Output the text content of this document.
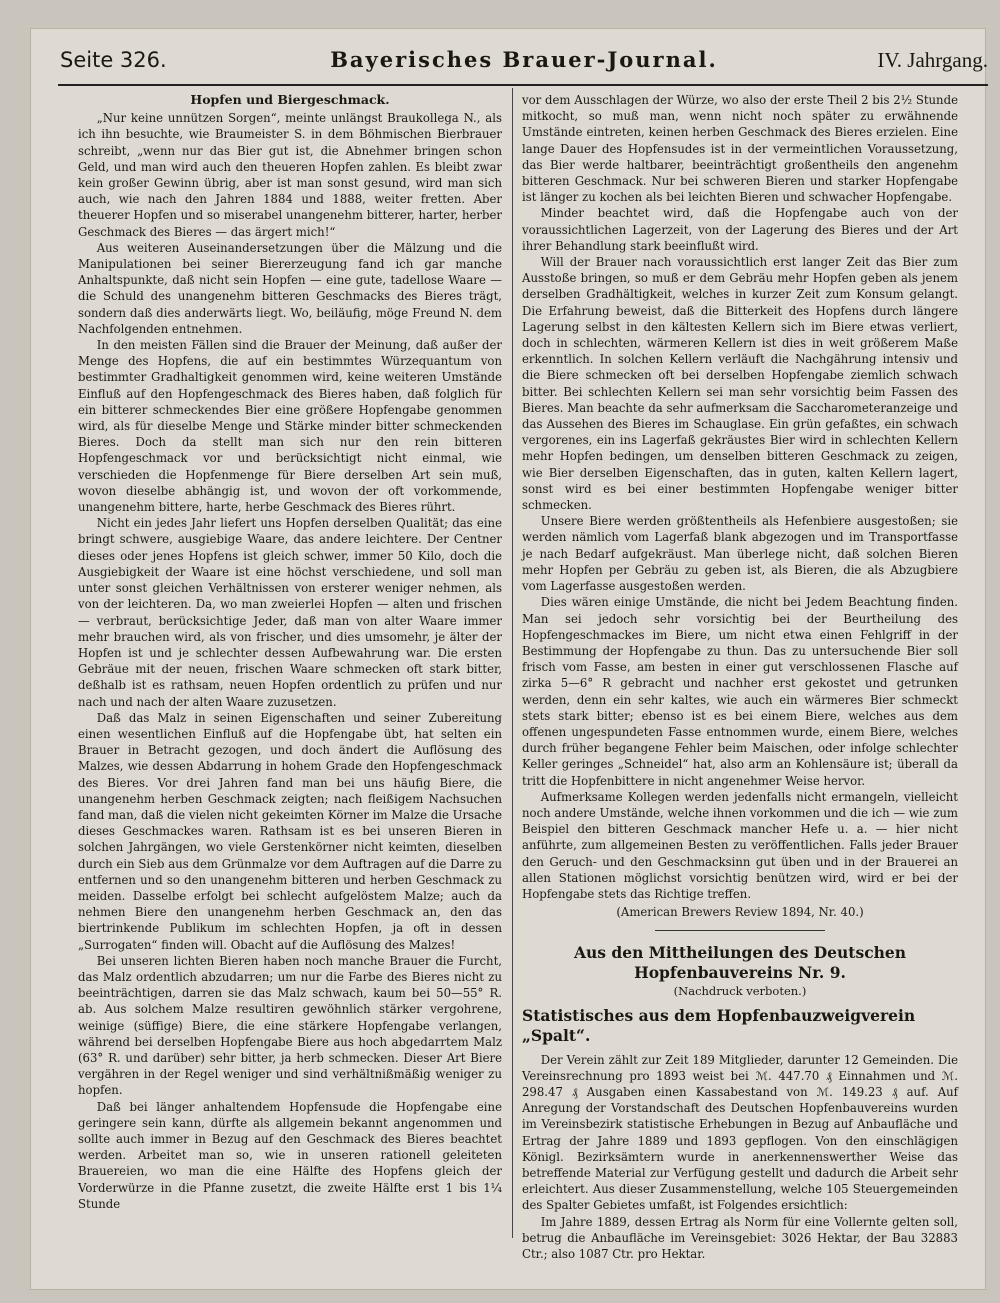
Seite 326.	Bayerisches Brauer-Journal.	IV. Jahrgang.
Hopfen und Biergeschmack.

„Nur keine unnützen Sorgen“, meinte unlängst Braukollega N., als ich ihn besuchte, wie Braumeister S. in dem Böhmischen Bierbrauer schreibt, „wenn nur das Bier gut ist, die Abnehmer bringen schon Geld, und man wird auch den theueren Hopfen zahlen. Es bleibt zwar kein großer Gewinn übrig, aber ist man sonst gesund, wird man sich auch, wie nach den Jahren 1884 und 1888, weiter fretten. Aber theuerer Hopfen und so miserabel unangenehm bitterer, harter, herber Geschmack des Bieres — das ärgert mich!“

Aus weiteren Auseinandersetzungen über die Mälzung und die Manipulationen bei seiner Biererzeugung fand ich gar manche Anhaltspunkte, daß nicht sein Hopfen — eine gute, tadellose Waare — die Schuld des unangenehm bitteren Geschmacks des Bieres trägt, sondern daß dies anderwärts liegt. Wo, beiläufig, möge Freund N. dem Nachfolgenden entnehmen.

In den meisten Fällen sind die Brauer der Meinung, daß außer der Menge des Hopfens, die auf ein bestimmtes Würzequantum von bestimmter Gradhaltigkeit genommen wird, keine weiteren Umstände Einfluß auf den Hopfengeschmack des Bieres haben, daß folglich für ein bitterer schmeckendes Bier eine größere Hopfengabe genommen wird, als für dieselbe Menge und Stärke minder bitter schmeckenden Bieres. Doch da stellt man sich nur den rein bitteren Hopfengeschmack vor und berücksichtigt nicht einmal, wie verschieden die Hopfenmenge für Biere derselben Art sein muß, wovon dieselbe abhängig ist, und wovon der oft vorkommende, unangenehm bittere, harte, herbe Geschmack des Bieres rührt.

Nicht ein jedes Jahr liefert uns Hopfen derselben Qualität; das eine bringt schwere, ausgiebige Waare, das andere leichtere. Der Centner dieses oder jenes Hopfens ist gleich schwer, immer 50 Kilo, doch die Ausgiebigkeit der Waare ist eine höchst verschiedene, und soll man unter sonst gleichen Verhältnissen von ersterer weniger nehmen, als von der leichteren. Da, wo man zweierlei Hopfen — alten und frischen — verbraut, berücksichtige Jeder, daß man von alter Waare immer mehr brauchen wird, als von frischer, und dies umsomehr, je älter der Hopfen ist und je schlechter dessen Aufbewahrung war. Die ersten Gebräue mit der neuen, frischen Waare schmecken oft stark bitter, deßhalb ist es rathsam, neuen Hopfen ordentlich zu prüfen und nur nach und nach der alten Waare zuzusetzen.

Daß das Malz in seinen Eigenschaften und seiner Zubereitung einen wesentlichen Einfluß auf die Hopfengabe übt, hat selten ein Brauer in Betracht gezogen, und doch ändert die Auflösung des Malzes, wie dessen Abdarrung in hohem Grade den Hopfengeschmack des Bieres. Vor drei Jahren fand man bei uns häufig Biere, die unangenehm herben Geschmack zeigten; nach fleißigem Nachsuchen fand man, daß die vielen nicht gekeimten Körner im Malze die Ursache dieses Geschmackes waren. Rathsam ist es bei unseren Bieren in solchen Jahrgängen, wo viele Gerstenkörner nicht keimten, dieselben durch ein Sieb aus dem Grünmalze vor dem Auftragen auf die Darre zu entfernen und so den unangenehm bitteren und herben Geschmack zu meiden. Dasselbe erfolgt bei schlecht aufgelöstem Malze; auch da nehmen Biere den unangenehm herben Geschmack an, den das biertrinkende Publikum im schlechten Hopfen, ja oft in dessen „Surrogaten“ finden will. Obacht auf die Auflösung des Malzes!

Bei unseren lichten Bieren haben noch manche Brauer die Furcht, das Malz ordentlich abzudarren; um nur die Farbe des Bieres nicht zu beeinträchtigen, darren sie das Malz schwach, kaum bei 50—55° R. ab. Aus solchem Malze resultiren gewöhnlich stärker vergohrene, weinige (süffige) Biere, die eine stärkere Hopfengabe verlangen, während bei derselben Hopfengabe Biere aus hoch abgedarrtem Malz (63° R. und darüber) sehr bitter, ja herb schmecken. Dieser Art Biere vergähren in der Regel weniger und sind verhältnißmäßig weniger zu hopfen.

Daß bei länger anhaltendem Hopfensude die Hopfengabe eine geringere sein kann, dürfte als allgemein bekannt angenommen und sollte auch immer in Bezug auf den Geschmack des Bieres beachtet werden. Arbeitet man so, wie in unseren rationell geleiteten Brauereien, wo man die eine Hälfte des Hopfens gleich der Vorderwürze in die Pfanne zusetzt, die zweite Hälfte erst 1 bis 1¼ Stunde

vor dem Ausschlagen der Würze, wo also der erste Theil 2 bis 2½ Stunde mitkocht, so muß man, wenn nicht noch später zu erwähnende Umstände eintreten, keinen herben Geschmack des Bieres erzielen. Eine lange Dauer des Hopfensudes ist in der vermeintlichen Voraussetzung, das Bier werde haltbarer, beeinträchtigt großentheils den angenehm bitteren Geschmack. Nur bei schweren Bieren und starker Hopfengabe ist länger zu kochen als bei leichten Bieren und schwacher Hopfengabe.

Minder beachtet wird, daß die Hopfengabe auch von der voraussichtlichen Lagerzeit, von der Lagerung des Bieres und der Art ihrer Behandlung stark beeinflußt wird.

Will der Brauer nach voraussichtlich erst langer Zeit das Bier zum Ausstoße bringen, so muß er dem Gebräu mehr Hopfen geben als jenem derselben Gradhältigkeit, welches in kurzer Zeit zum Konsum gelangt. Die Erfahrung beweist, daß die Bitterkeit des Hopfens durch längere Lagerung selbst in den kältesten Kellern sich im Biere etwas verliert, doch in schlechten, wärmeren Kellern ist dies in weit größerem Maße erkenntlich. In solchen Kellern verläuft die Nachgährung intensiv und die Biere schmecken oft bei derselben Hopfengabe ziemlich schwach bitter. Bei schlechten Kellern sei man sehr vorsichtig beim Fassen des Bieres. Man beachte da sehr aufmerksam die Saccharometeranzeige und das Aussehen des Bieres im Schauglase. Ein grün gefaßtes, ein schwach vergorenes, ein ins Lagerfaß gekräustes Bier wird in schlechten Kellern mehr Hopfen bedingen, um denselben bitteren Geschmack zu zeigen, wie Bier derselben Eigenschaften, das in guten, kalten Kellern lagert, sonst wird es bei einer bestimmten Hopfengabe weniger bitter schmecken.

Unsere Biere werden größtentheils als Hefenbiere ausgestoßen; sie werden nämlich vom Lagerfaß blank abgezogen und im Transportfasse je nach Bedarf aufgekräust. Man überlege nicht, daß solchen Bieren mehr Hopfen per Gebräu zu geben ist, als Bieren, die als Abzugbiere vom Lagerfasse ausgestoßen werden.

Dies wären einige Umstände, die nicht bei Jedem Beachtung finden. Man sei jedoch sehr vorsichtig bei der Beurtheilung des Hopfengeschmackes im Biere, um nicht etwa einen Fehlgriff in der Bestimmung der Hopfengabe zu thun. Das zu untersuchende Bier soll frisch vom Fasse, am besten in einer gut verschlossenen Flasche auf zirka 5—6° R gebracht und nachher erst gekostet und getrunken werden, denn ein sehr kaltes, wie auch ein wärmeres Bier schmeckt stets stark bitter; ebenso ist es bei einem Biere, welches aus dem offenen ungespundeten Fasse entnommen wurde, einem Biere, welches durch früher begangene Fehler beim Maischen, oder infolge schlechter Keller geringes „Schneidel“ hat, also arm an Kohlensäure ist; überall da tritt die Hopfenbittere in nicht angenehmer Weise hervor.

Aufmerksame Kollegen werden jedenfalls nicht ermangeln, vielleicht noch andere Umstände, welche ihnen vorkommen und die ich — wie zum Beispiel den bitteren Geschmack mancher Hefe u. a. — hier nicht anführte, zum allgemeinen Besten zu veröffentlichen. Falls jeder Brauer den Geruch- und den Geschmacksinn gut üben und in der Brauerei an allen Stationen möglichst vorsichtig benützen wird, wird er bei der Hopfengabe stets das Richtige treffen.

(American Brewers Review 1894, Nr. 40.)
Aus den Mittheilungen des Deutschen Hopfenbauvereins Nr. 9.
(Nachdruck verboten.)
Statistisches aus dem Hopfenbauzweigverein „Spalt“.

Der Verein zählt zur Zeit 189 Mitglieder, darunter 12 Gemeinden. Die Vereinsrechnung pro 1893 weist bei ℳ. 447.70 ₰ Einnahmen und ℳ. 298.47 ₰ Ausgaben einen Kassabestand von ℳ. 149.23 ₰ auf. Auf Anregung der Vorstandschaft des Deutschen Hopfenbauvereins wurden im Vereinsbezirk statistische Erhebungen in Bezug auf Anbaufläche und Ertrag der Jahre 1889 und 1893 gepflogen. Von den einschlägigen Königl. Bezirksämtern wurde in anerkennenswerther Weise das betreffende Material zur Verfügung gestellt und dadurch die Arbeit sehr erleichtert. Aus dieser Zusammenstellung, welche 105 Steuergemeinden des Spalter Gebietes umfaßt, ist Folgendes ersichtlich:

Im Jahre 1889, dessen Ertrag als Norm für eine Vollernte gelten soll, betrug die Anbaufläche im Vereinsgebiet: 3026 Hektar, der Bau 32883 Ctr.; also 1087 Ctr. pro Hektar.
